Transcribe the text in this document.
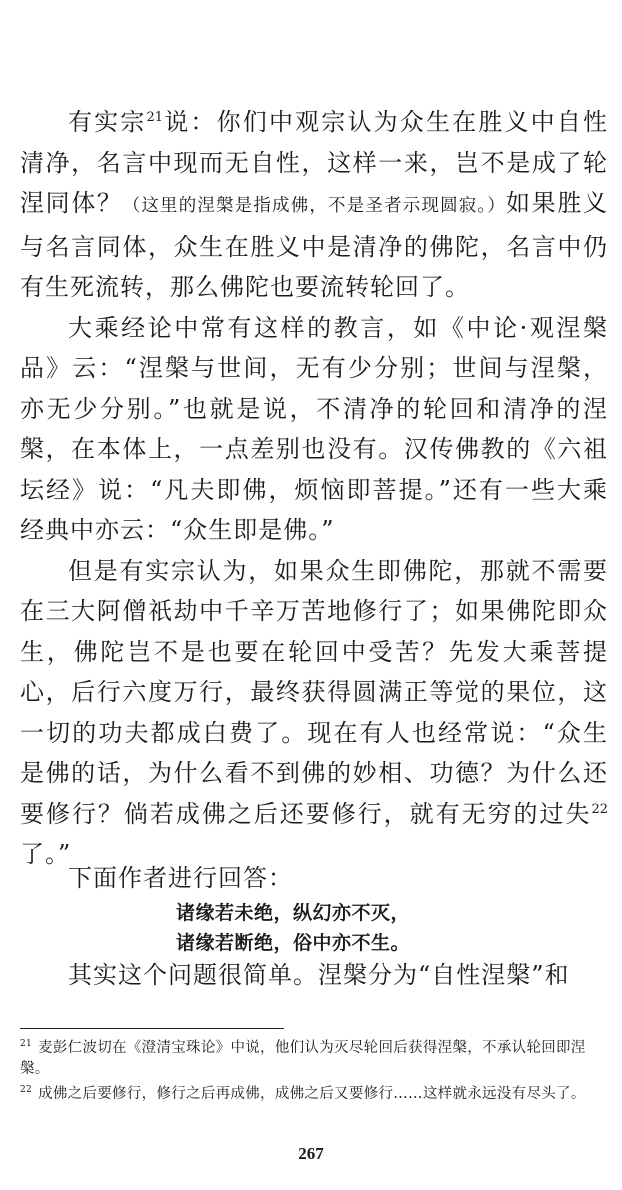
有实宗$^{21}$说：你们中观宗认为众生在胜义中自性清净，名言中现而无自性，这样一来，岂不是成了轮涅同体？（这里的涅槃是指成佛，不是圣者示现圆寂。）如果胜义与名言同体，众生在胜义中是清净的佛陀，名言中仍有生死流转，那么佛陀也要流转轮回了。

大乘经论中常有这样的教言，如《中论·观涅槃品》云：“涅槃与世间，无有少分别；世间与涅槃，亦无少分别。”也就是说，不清净的轮回和清净的涅槃，在本体上，一点差别也没有。汉传佛教的《六祖坛经》说：“凡夫即佛，烦恼即菩提。”还有一些大乘经典中亦云：“众生即是佛。”

但是有实宗认为，如果众生即佛陀，那就不需要在三大阿僧祇劫中千辛万苦地修行了；如果佛陀即众生，佛陀岂不是也要在轮回中受苦？先发大乘菩提心，后行六度万行，最终获得圆满正等觉的果位，这一切的功夫都成白费了。现在有人也经常说：“众生是佛的话，为什么看不到佛的妙相、功德？为什么还要修行？倘若成佛之后还要修行，就有无穷的过失$^{22}$了。”

下面作者进行回答：

诸缘若未绝，纵幻亦不灭，

诸缘若断绝，俗中亦不生。

其实这个问题很简单。涅槃分为“自性涅槃”和

$^{21}$ 麦彭仁波切在《澄清宝珠论》中说，他们认为灭尽轮回后获得涅槃，不承认轮回即涅槃。

$^{22}$ 成佛之后要修行，修行之后再成佛，成佛之后又要修行……这样就永远没有尽头了。

267
